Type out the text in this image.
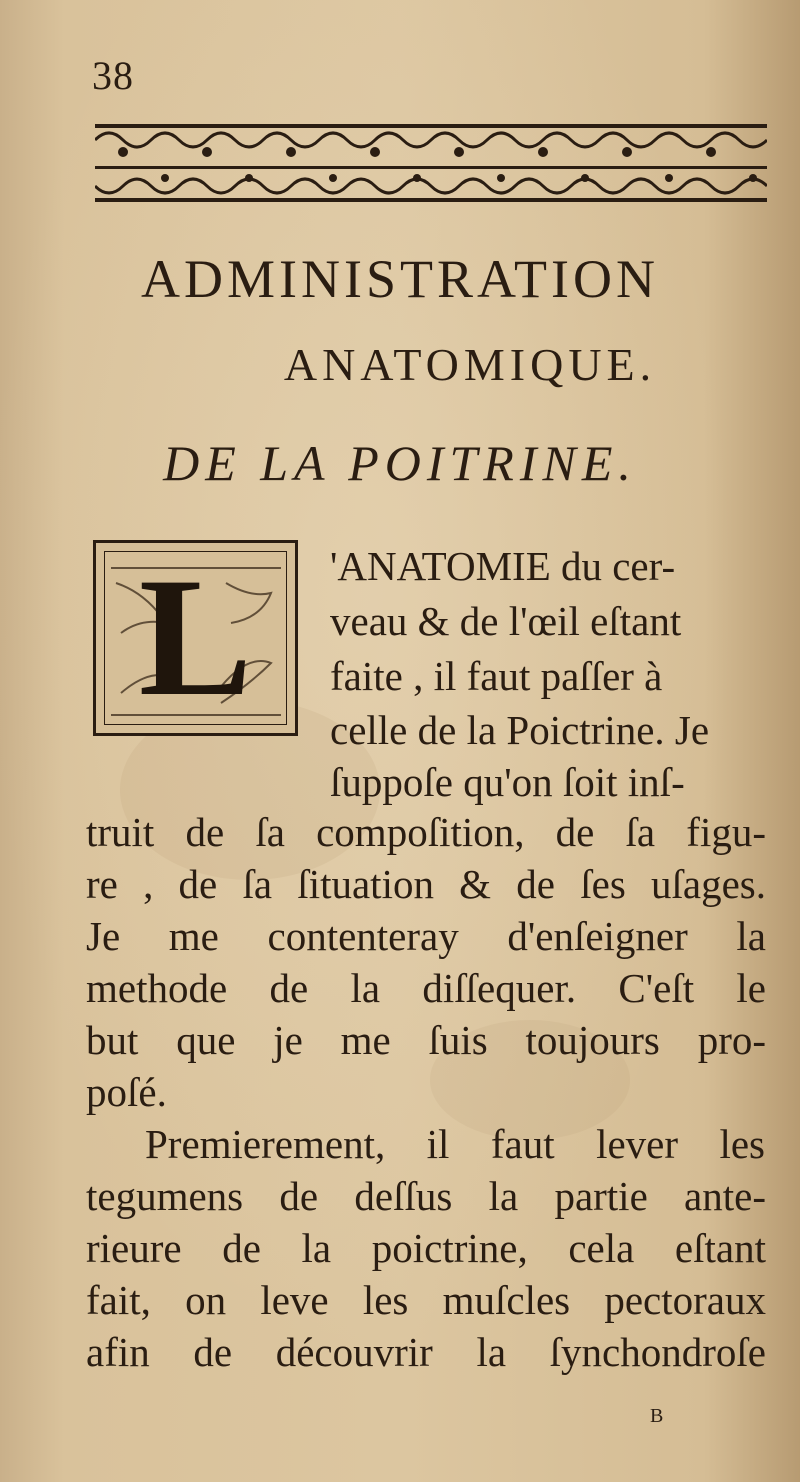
38
ADMINISTRATION
ANATOMIQUE.
DE LA POITRINE.
L	'ANATOMIE du cer-
veau & de l'œil eſtant
faite , il faut paſſer à
celle de la Poictrine. Je
ſuppoſe qu'on ſoit inſ-
truit de ſa compoſition, de ſa figu-
re , de ſa ſituation & de ſes uſages.
Je me contenteray d'enſeigner la
methode de la diſſequer. C'eſt le
but que je me ſuis toujours pro-
poſé.
Premierement, il faut lever les
tegumens de deſſus la partie ante-
rieure de la poictrine, cela eſtant
fait, on leve les muſcles pectoraux
afin de découvrir la ſynchondroſe
B
